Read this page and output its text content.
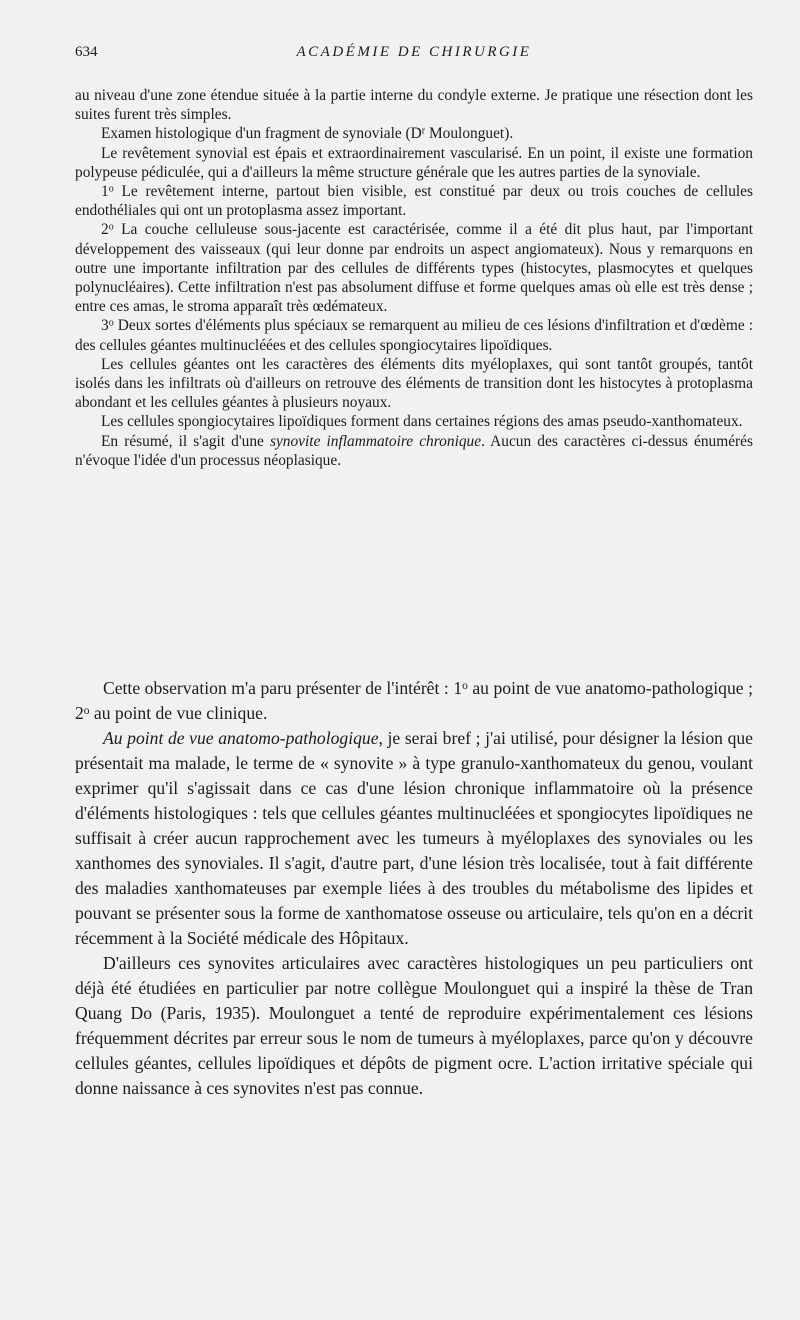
634	ACADÉMIE DE CHIRURGIE

au niveau d'une zone étendue située à la partie interne du condyle externe. Je pratique une résection dont les suites furent très simples.

Examen histologique d'un fragment de synoviale ($D^r$ Moulonguet).

Le revêtement synovial est épais et extraordinairement vascularisé. En un point, il existe une formation polypeuse pédiculée, qui a d'ailleurs la même structure générale que les autres parties de la synoviale.

1$^o$ Le revêtement interne, partout bien visible, est constitué par deux ou trois couches de cellules endothéliales qui ont un protoplasma assez important.

2$^o$ La couche celluleuse sous-jacente est caractérisée, comme il a été dit plus haut, par l'important développement des vaisseaux (qui leur donne par endroits un aspect angiomateux). Nous y remarquons en outre une importante infiltration par des cellules de différents types (histocytes, plasmocytes et quelques polynucléaires). Cette infiltration n'est pas absolument diffuse et forme quelques amas où elle est très dense ; entre ces amas, le stroma apparaît très œdémateux.

3$^o$ Deux sortes d'éléments plus spéciaux se remarquent au milieu de ces lésions d'infiltration et d'œdème : des cellules géantes multinucléées et des cellules spongiocytaires lipoïdiques.

Les cellules géantes ont les caractères des éléments dits myéloplaxes, qui sont tantôt groupés, tantôt isolés dans les infiltrats où d'ailleurs on retrouve des éléments de transition dont les histocytes à protoplasma abondant et les cellules géantes à plusieurs noyaux.

Les cellules spongiocytaires lipoïdiques forment dans certaines régions des amas pseudo-xanthomateux.

En résumé, il s'agit d'une synovite inflammatoire chronique. Aucun des caractères ci-dessus énumérés n'évoque l'idée d'un processus néoplasique.

Cette observation m'a paru présenter de l'intérêt : 1$^o$ au point de vue anatomo-pathologique ; 2$^o$ au point de vue clinique.

Au point de vue anatomo-pathologique, je serai bref ; j'ai utilisé, pour désigner la lésion que présentait ma malade, le terme de « synovite » à type granulo-xanthomateux du genou, voulant exprimer qu'il s'agissait dans ce cas d'une lésion chronique inflammatoire où la présence d'éléments histologiques : tels que cellules géantes multinucléées et spongiocytes lipoïdiques ne suffisait à créer aucun rapprochement avec les tumeurs à myéloplaxes des synoviales ou les xanthomes des synoviales. Il s'agit, d'autre part, d'une lésion très localisée, tout à fait différente des maladies xanthomateuses par exemple liées à des troubles du métabolisme des lipides et pouvant se présenter sous la forme de xanthomatose osseuse ou articulaire, tels qu'on en a décrit récemment à la Société médicale des Hôpitaux.

D'ailleurs ces synovites articulaires avec caractères histologiques un peu particuliers ont déjà été étudiées en particulier par notre collègue Moulonguet qui a inspiré la thèse de Tran Quang Do (Paris, 1935). Moulonguet a tenté de reproduire expérimentalement ces lésions fréquemment décrites par erreur sous le nom de tumeurs à myéloplaxes, parce qu'on y découvre cellules géantes, cellules lipoïdiques et dépôts de pigment ocre. L'action irritative spéciale qui donne naissance à ces synovites n'est pas connue.
